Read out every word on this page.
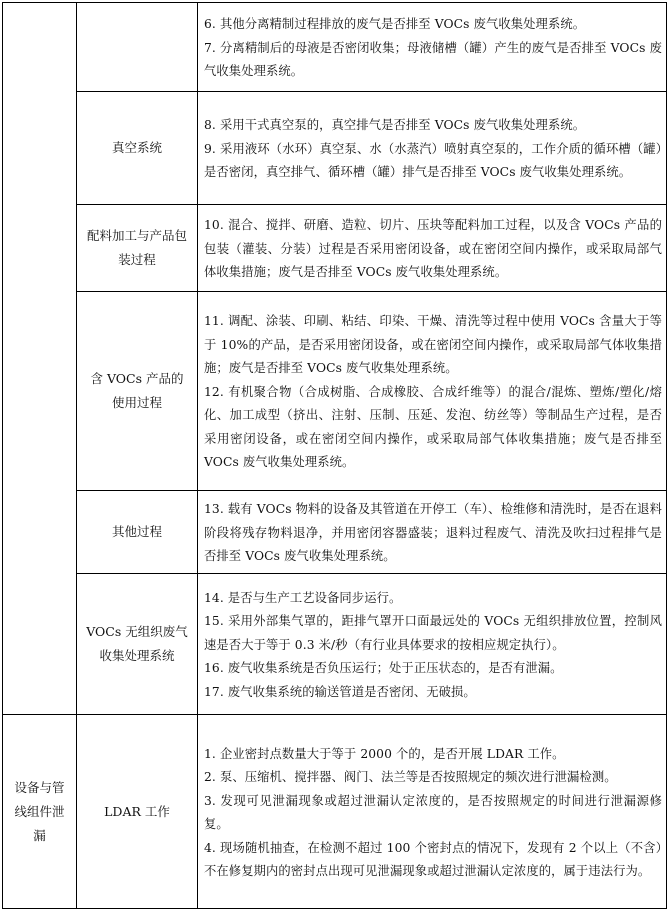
		6. 其他分离精制过程排放的废气是否排至 VOCs 废气收集处理系统。

7. 分离精制后的母液是否密闭收集；母液储槽（罐）产生的废气是否排至 VOCs 废气收集处理系统。

	真空系统	8. 采用干式真空泵的，真空排气是否排至 VOCs 废气收集处理系统。

9. 采用液环（水环）真空泵、水（水蒸汽）喷射真空泵的，工作介质的循环槽（罐）是否密闭，真空排气、循环槽（罐）排气是否排至 VOCs 废气收集处理系统。

	配料加工与产品包装过程	10. 混合、搅拌、研磨、造粒、切片、压块等配料加工过程，以及含 VOCs 产品的包装（灌装、分装）过程是否采用密闭设备，或在密闭空间内操作，或采取局部气体收集措施；废气是否排至 VOCs 废气收集处理系统。

	含 VOCs 产品的使用过程	11. 调配、涂装、印刷、粘结、印染、干燥、清洗等过程中使用 VOCs 含量大于等于 10%的产品，是否采用密闭设备，或在密闭空间内操作，或采取局部气体收集措施；废气是否排至 VOCs 废气收集处理系统。

12. 有机聚合物（合成树脂、合成橡胶、合成纤维等）的混合/混炼、塑炼/塑化/熔化、加工成型（挤出、注射、压制、压延、发泡、纺丝等）等制品生产过程，是否采用密闭设备，或在密闭空间内操作，或采取局部气体收集措施；废气是否排至 VOCs 废气收集处理系统。

	其他过程	13. 载有 VOCs 物料的设备及其管道在开停工（车）、检维修和清洗时，是否在退料阶段将残存物料退净，并用密闭容器盛装；退料过程废气、清洗及吹扫过程排气是否排至 VOCs 废气收集处理系统。

	VOCs 无组织废气收集处理系统	14. 是否与生产工艺设备同步运行。

15. 采用外部集气罩的，距排气罩开口面最远处的 VOCs 无组织排放位置，控制风速是否大于等于 0.3 米/秒（有行业具体要求的按相应规定执行）。

16. 废气收集系统是否负压运行；处于正压状态的，是否有泄漏。

17. 废气收集系统的输送管道是否密闭、无破损。

设备与管线组件泄漏	LDAR 工作	1. 企业密封点数量大于等于 2000 个的，是否开展 LDAR 工作。

2. 泵、压缩机、搅拌器、阀门、法兰等是否按照规定的频次进行泄漏检测。

3. 发现可见泄漏现象或超过泄漏认定浓度的，是否按照规定的时间进行泄漏源修复。

4. 现场随机抽查，在检测不超过 100 个密封点的情况下，发现有 2 个以上（不含）不在修复期内的密封点出现可见泄漏现象或超过泄漏认定浓度的，属于违法行为。
